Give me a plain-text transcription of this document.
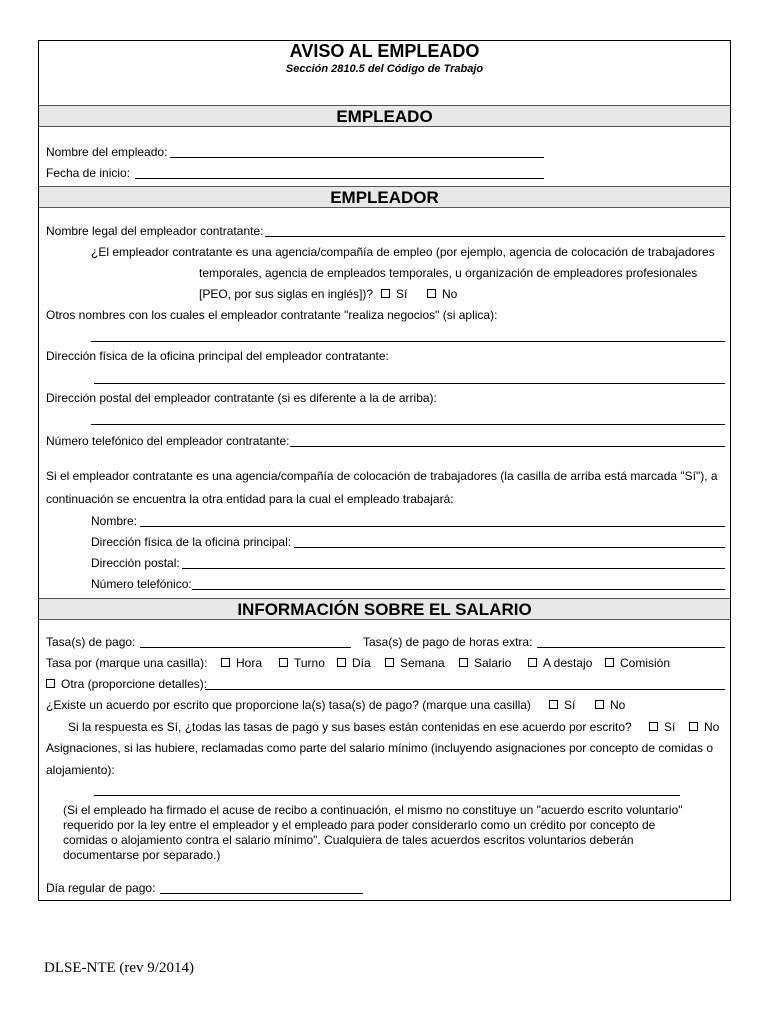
AVISO AL EMPLEADO
Sección 2810.5 del Código de Trabajo
EMPLEADO
Nombre del empleado:
Fecha de inicio:
EMPLEADOR
Nombre legal del empleador contratante:
¿El empleador contratante es una agencia/compañía de empleo (por ejemplo, agencia de colocación de trabajadores
temporales, agencia de empleados temporales, u organización de empleadores profesionales
[PEO, por sus siglas en inglés])?	Sí	No
Otros nombres con los cuales el empleador contratante "realiza negocios" (si aplica):
Dirección física de la oficina principal del empleador contratante:
Dirección postal del empleador contratante (si es diferente a la de arriba):
Número telefónico del empleador contratante:
Si el empleador contratante es una agencia/compañía de colocación de trabajadores (la casilla de arriba está marcada "Sí"), a
continuación se encuentra la otra entidad para la cual el empleado trabajará:
Nombre:
Dirección física de la oficina principal:
Dirección postal:
Número telefónico:
INFORMACIÓN SOBRE EL SALARIO
Tasa(s) de pago:	Tasa(s) de pago de horas extra:
Tasa por (marque una casilla):	Hora	Turno	Día	Semana	Salario	A destajo	Comisión
Otra (proporcione detalles):
¿Existe un acuerdo por escrito que proporcione la(s) tasa(s) de pago? (marque una casilla)	Sí	No
Si la respuesta es Sí, ¿todas las tasas de pago y sus bases están contenidas en ese acuerdo por escrito?	Sí	No
Asignaciones, si las hubiere, reclamadas como parte del salario mínimo (incluyendo asignaciones por concepto de comidas o
alojamiento):
(Si el empleado ha firmado el acuse de recibo a continuación, el mismo no constituye un "acuerdo escrito voluntario" requerido por la ley entre el empleador y el empleado para poder considerarlo como un crédito por concepto de comidas o alojamiento contra el salario mínimo". Cualquiera de tales acuerdos escritos voluntarios deberán documentarse por separado.)
Día regular de pago:
DLSE-NTE (rev 9/2014)
